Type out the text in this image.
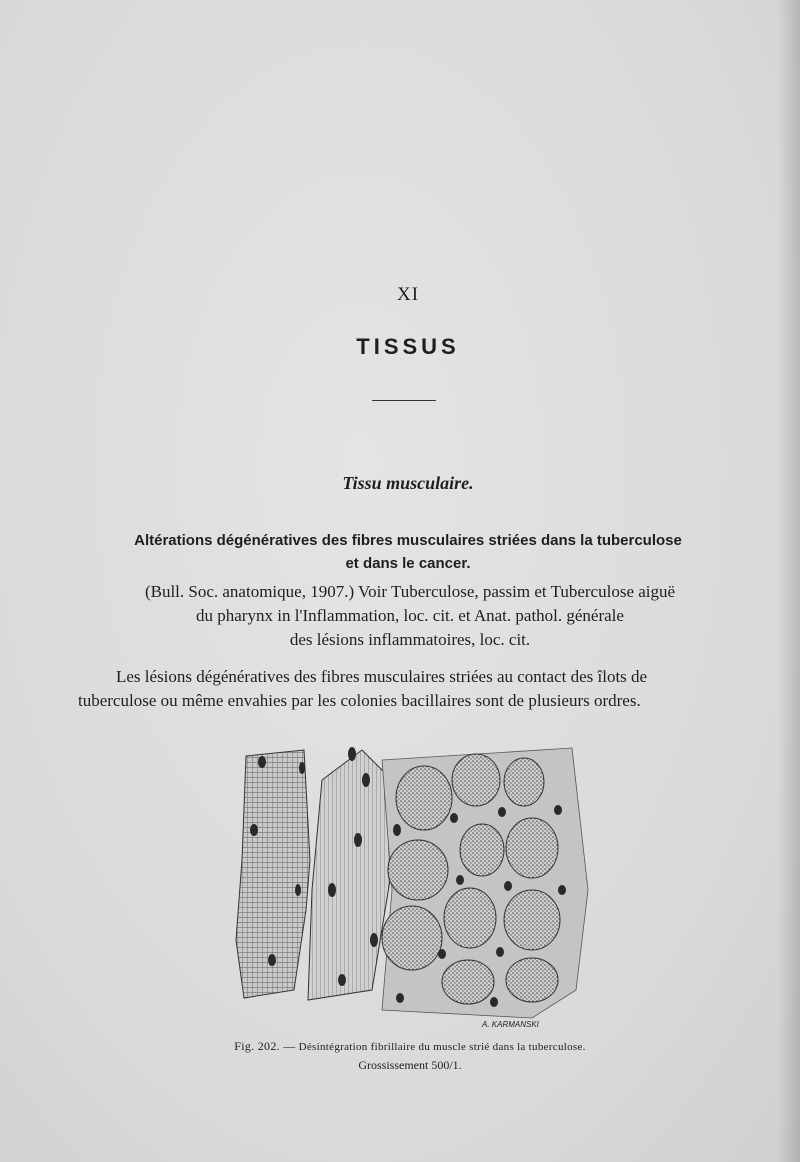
XI
TISSUS
Tissu musculaire.
Altérations dégénératives des fibres musculaires striées dans la tuberculose
et dans le cancer.
(Bull. Soc. anatomique, 1907.) Voir Tuberculose, passim et Tuberculose aiguë
du pharynx in l'Inflammation, loc. cit. et Anat. pathol. générale
des lésions inflammatoires, loc. cit.
Les lésions dégénératives des fibres musculaires striées au contact des îlots de
tuberculose ou même envahies par les colonies bacillaires sont de plusieurs ordres.
A. KARMANSKI
Fig. 202. — Désintégration fibrillaire du muscle strié dans la tuberculose.
Grossissement 500/1.
